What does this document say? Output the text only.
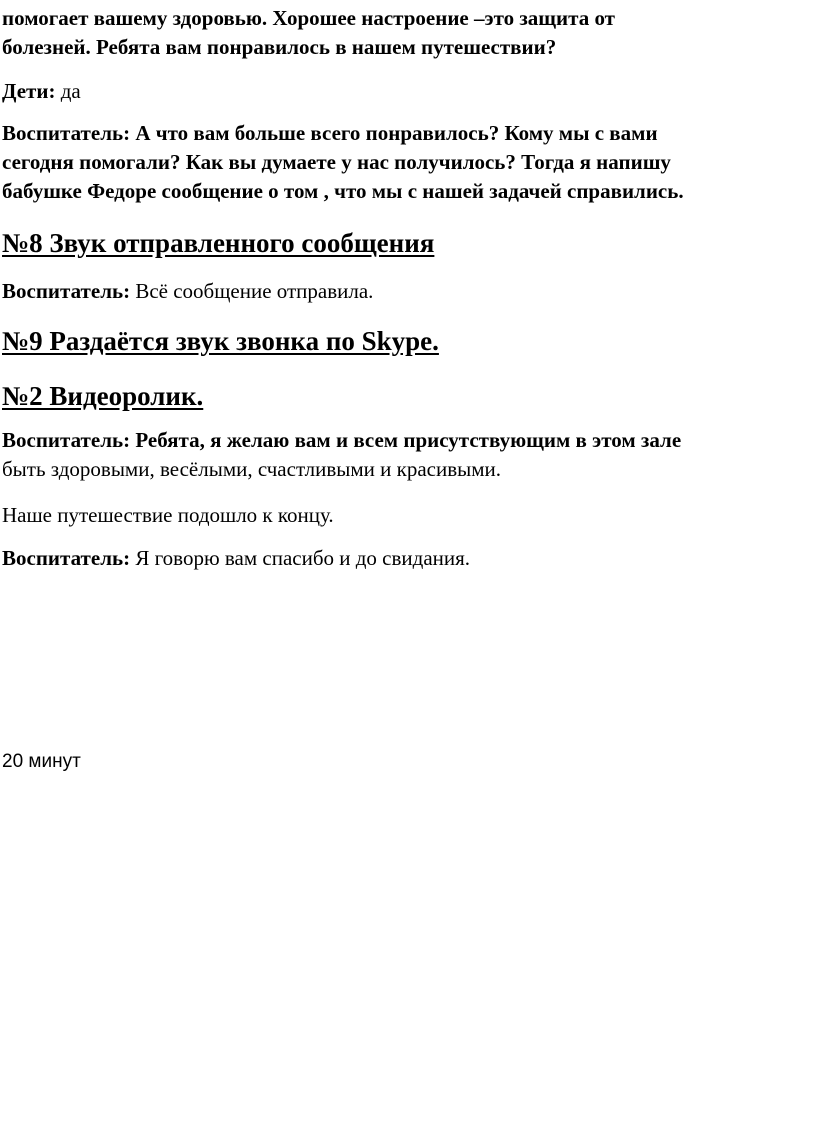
помогает вашему здоровью. Хорошее настроение –это защита от
болезней. Ребята вам понравилось в нашем путешествии?

Дети: да

Воспитатель: А что вам больше всего понравилось? Кому мы с вами
сегодня помогали? Как вы думаете у нас получилось? Тогда я напишу
бабушке Федоре сообщение о том , что мы с нашей задачей справились.

№8 Звук отправленного сообщения

Воспитатель: Всё сообщение отправила.

№9 Раздаётся звук звонка по Skype.
№2 Видеоролик.

Воспитатель: Ребята, я желаю вам и всем присутствующим в этом зале
быть здоровыми, весёлыми, счастливыми и красивыми.

Наше путешествие подошло к концу.

Воспитатель: Я говорю вам спасибо и до свидания.

20 минут
